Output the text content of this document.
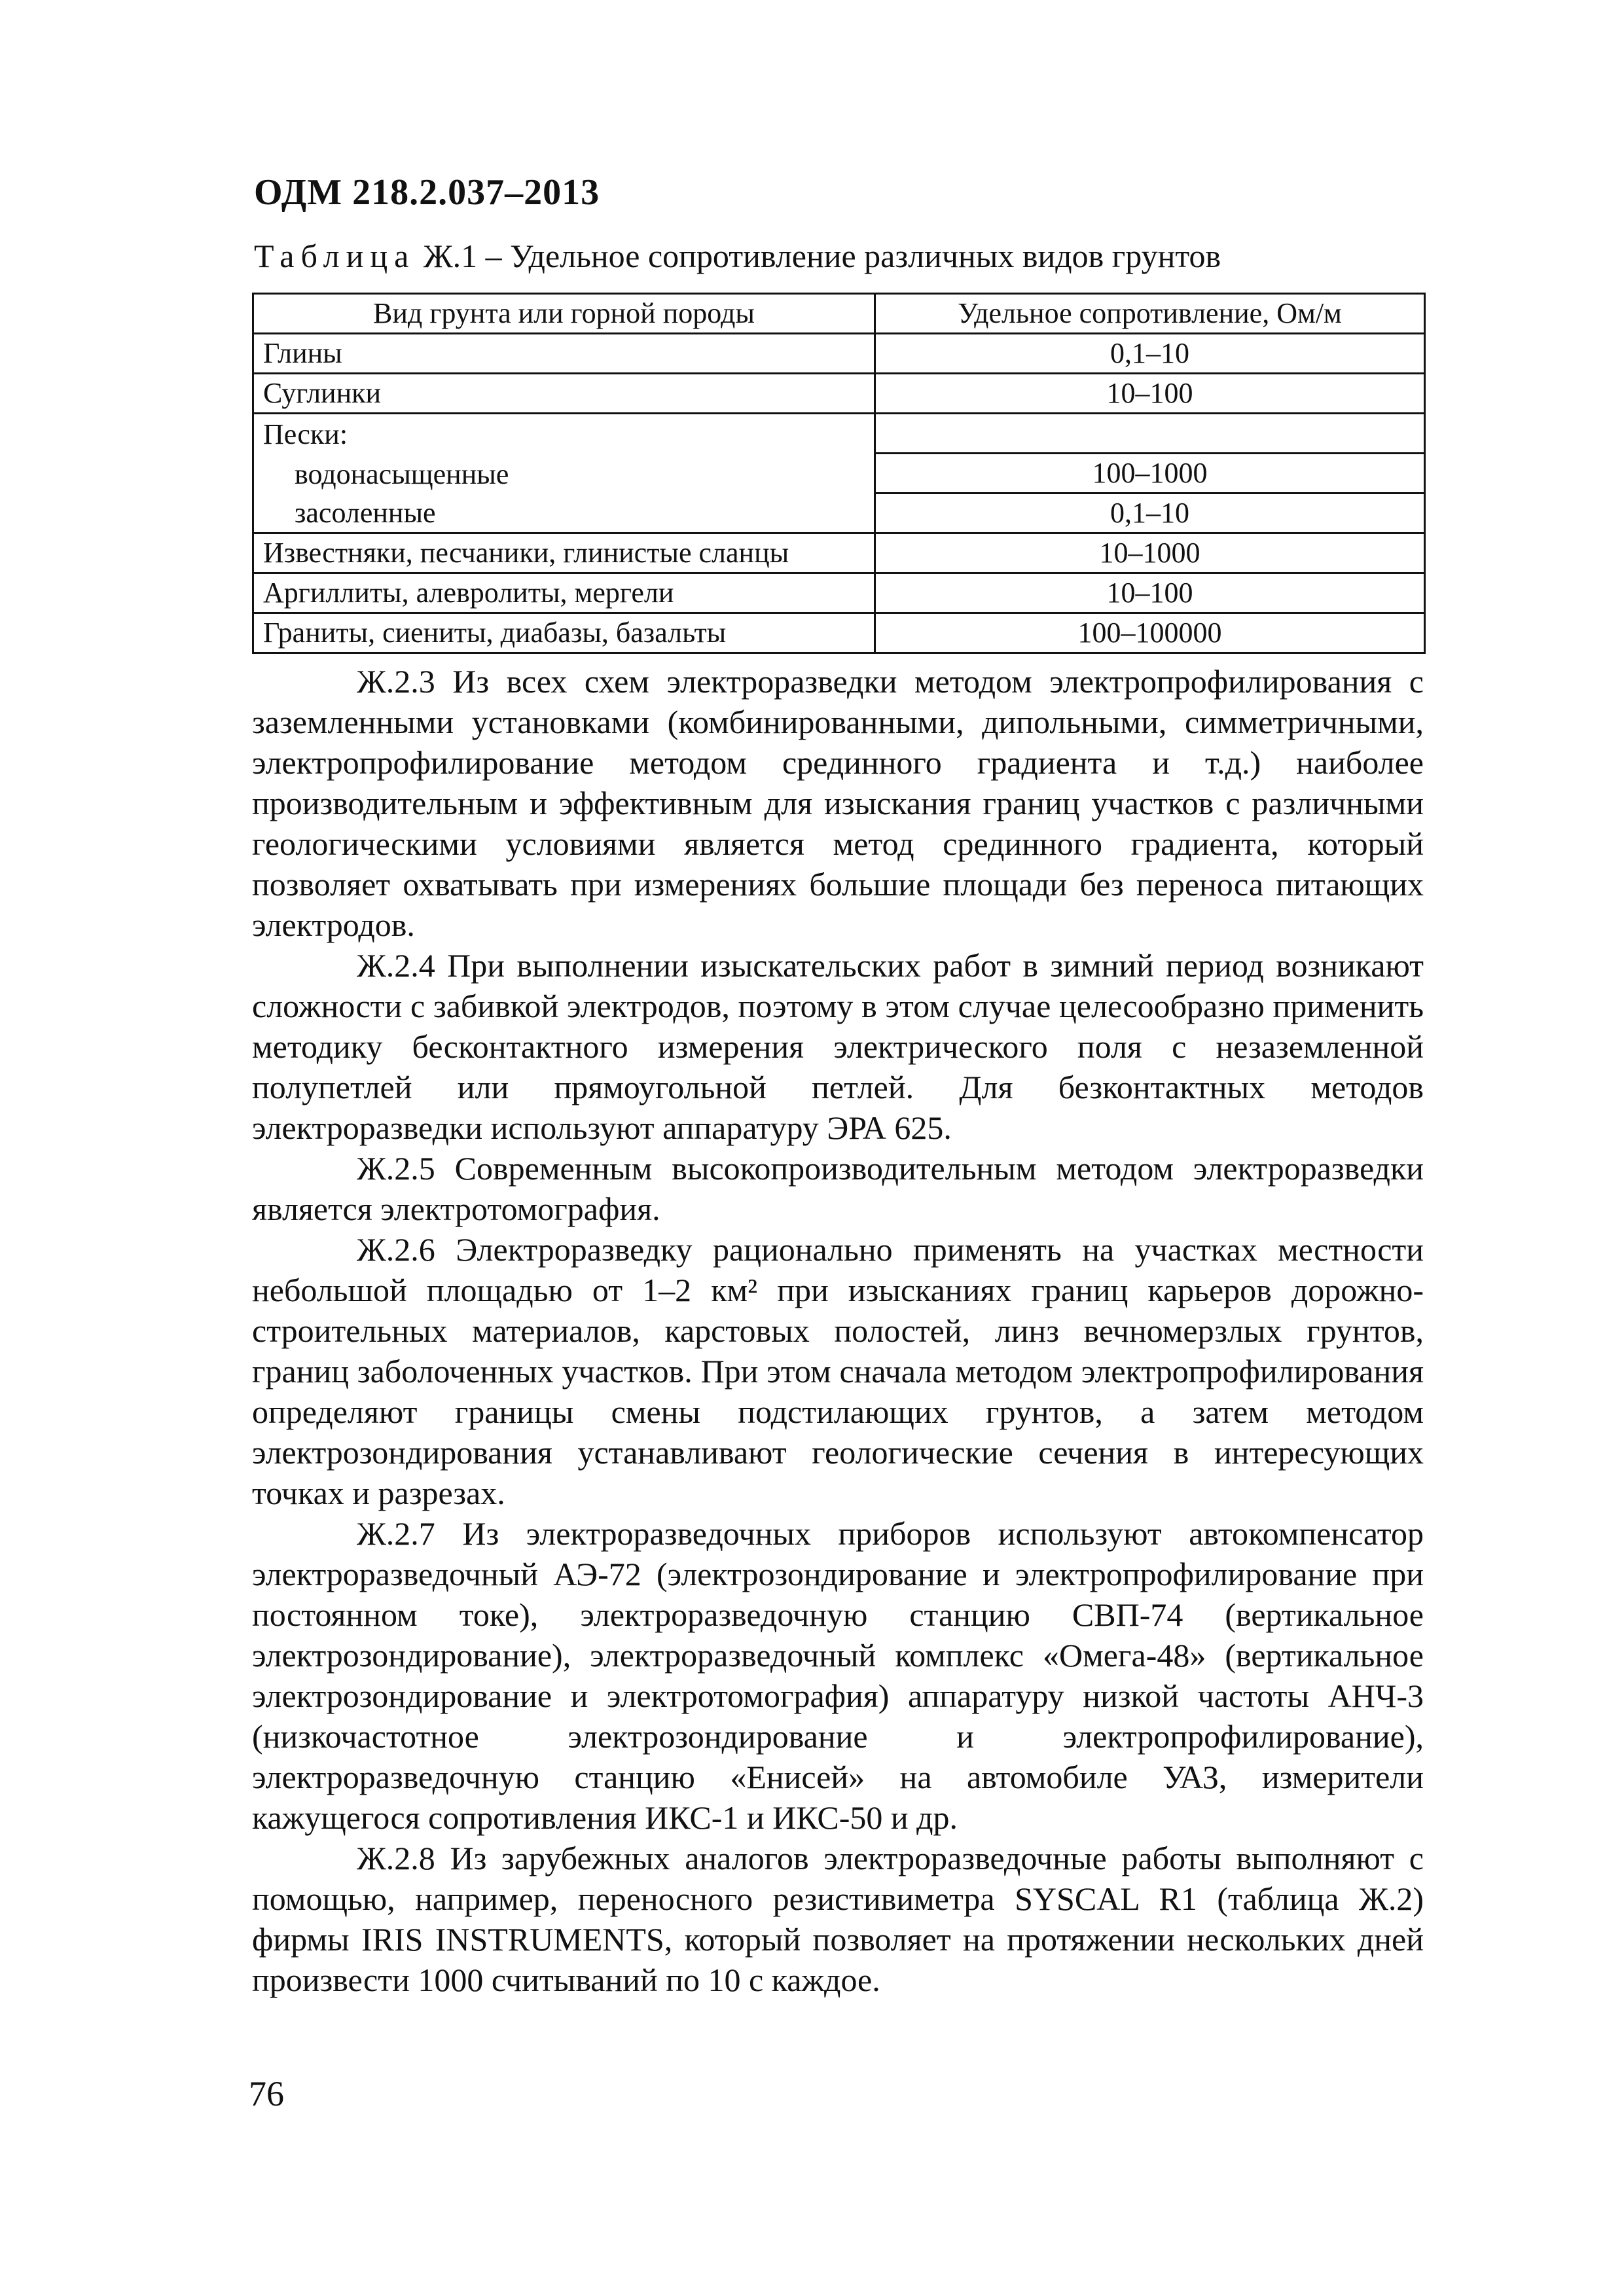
ОДМ 218.2.037–2013
Таблица Ж.1 – Удельное сопротивление различных видов грунтов
Вид грунта или горной породы	Удельное сопротивление, Ом/м
Глины	0,1–10
Суглинки	10–100
Пески:	
водонасыщенные	100–1000
засоленные	0,1–10
Известняки, песчаники, глинистые сланцы	10–1000
Аргиллиты, алевролиты, мергели	10–100
Граниты, сиениты, диабазы, базальты	100–100000

Ж.2.3 Из всех схем электроразведки методом электропрофилирования с заземленными установками (комбинированными, дипольными, симметричными, электропрофилирование методом срединного градиента и т.д.) наиболее производительным и эффективным для изыскания границ участков с различными геологическими условиями является метод срединного градиента, который позволяет охватывать при измерениях большие площади без переноса питающих электродов.

Ж.2.4 При выполнении изыскательских работ в зимний период возникают сложности с забивкой электродов, поэтому в этом случае целесообразно применить методику бесконтактного измерения электрического поля с незаземленной полупетлей или прямоугольной петлей. Для безконтактных методов электроразведки используют аппаратуру ЭРА 625.

Ж.2.5 Современным высокопроизводительным методом электроразведки является электротомография.

Ж.2.6 Электроразведку рационально применять на участках местности небольшой площадью от 1–2 км² при изысканиях границ карьеров дорожно-строительных материалов, карстовых полостей, линз вечномерзлых грунтов, границ заболоченных участков. При этом сначала методом электропрофилирования определяют границы смены подстилающих грунтов, а затем методом электрозондирования устанавливают геологические сечения в интересующих точках и разрезах.

Ж.2.7 Из электроразведочных приборов используют автокомпенсатор электроразведочный АЭ-72 (электрозондирование и электропрофилирование при постоянном токе), электроразведочную станцию СВП-74 (вертикальное электрозондирование), электроразведочный комплекс «Омега-48» (вертикальное электрозондирование и электротомография) аппаратуру низкой частоты АНЧ-3 (низкочастотное электрозондирование и электропрофилирование), электроразведочную станцию «Енисей» на автомобиле УАЗ, измерители кажущегося сопротивления ИКС-1 и ИКС-50 и др.

Ж.2.8 Из зарубежных аналогов электроразведочные работы выполняют с помощью, например, переносного резистивиметра SYSCAL R1 (таблица Ж.2) фирмы IRIS INSTRUMENTS, который позволяет на протяжении нескольких дней произвести 1000 считываний по 10 с каждое.

76
